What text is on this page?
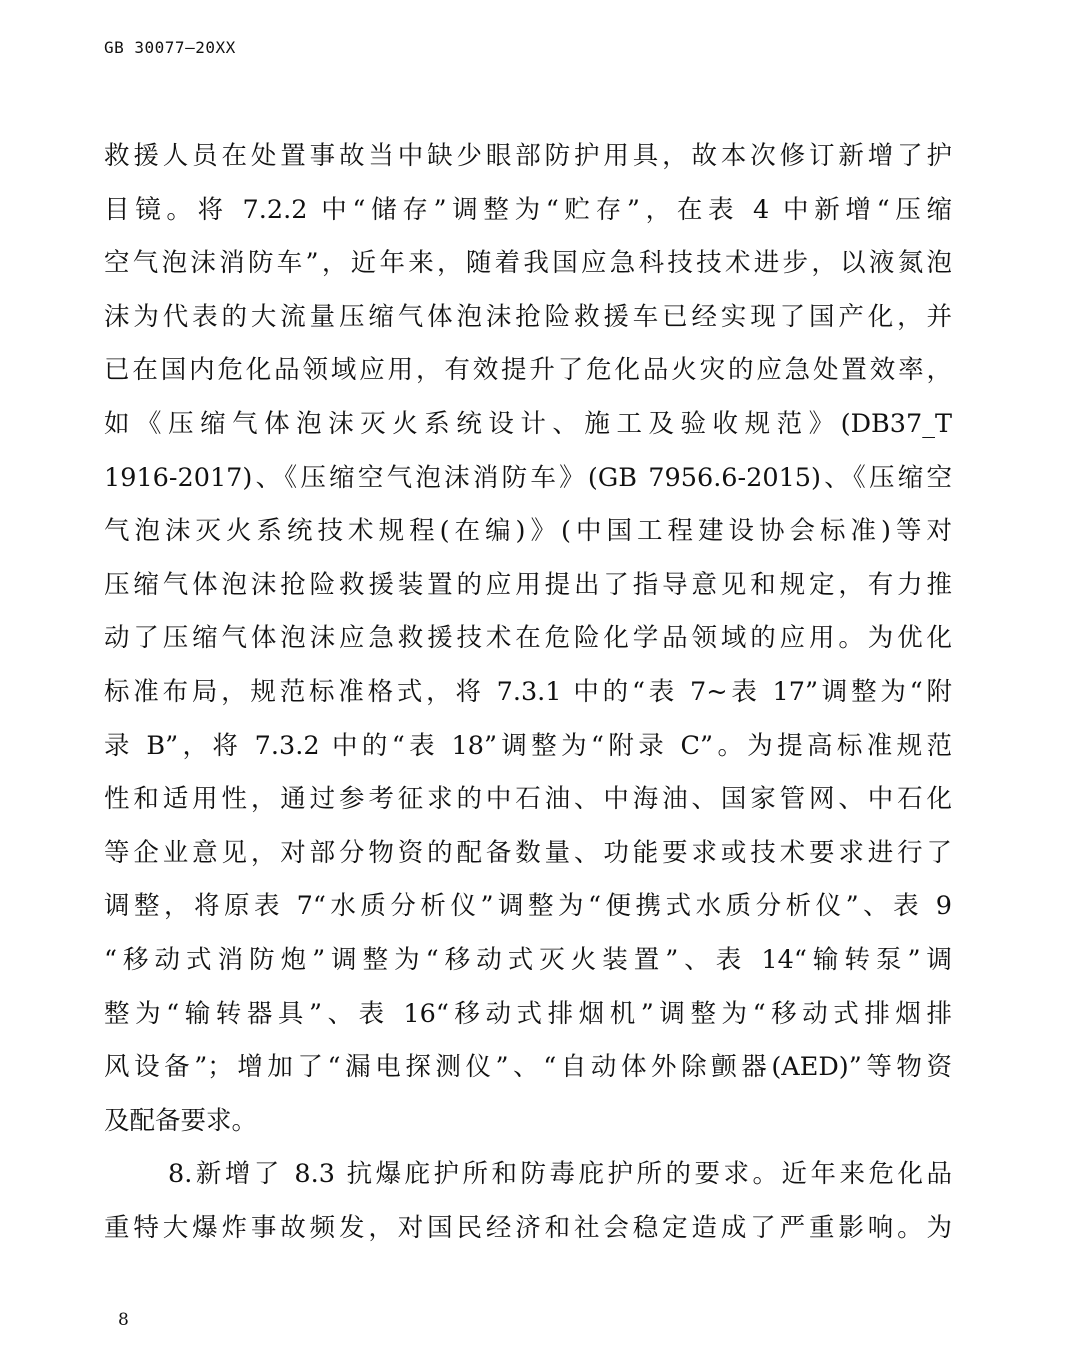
GB 30077—20XX
救援人员在处置事故当中缺少眼部防护用具，故本次修订新增了护
目镜。将 7.2.2 中“储存”调整为“贮存”，在表 4 中新增“压缩
空气泡沫消防车”，近年来，随着我国应急科技技术进步，以液氮泡
沫为代表的大流量压缩气体泡沫抢险救援车已经实现了国产化，并
已在国内危化品领域应用，有效提升了危化品火灾的应急处置效率，
如《压缩气体泡沫灭火系统设计、施工及验收规范》(DB37_T
1916-2017)、《压缩空气泡沫消防车》(GB 7956.6-2015)、《压缩空
气泡沫灭火系统技术规程(在编)》(中国工程建设协会标准)等对
压缩气体泡沫抢险救援装置的应用提出了指导意见和规定，有力推
动了压缩气体泡沫应急救援技术在危险化学品领域的应用。为优化
标准布局，规范标准格式，将 7.3.1 中的“表 7~表 17”调整为“附
录 B”，将 7.3.2 中的“表 18”调整为“附录 C”。为提高标准规范
性和适用性，通过参考征求的中石油、中海油、国家管网、中石化
等企业意见，对部分物资的配备数量、功能要求或技术要求进行了
调整，将原表 7“水质分析仪”调整为“便携式水质分析仪”、表 9
“移动式消防炮”调整为“移动式灭火装置”、表 14“输转泵”调
整为“输转器具”、表 16“移动式排烟机”调整为“移动式排烟排
风设备”；增加了“漏电探测仪”、“自动体外除颤器(AED)”等物资
及配备要求。
8.新增了 8.3 抗爆庇护所和防毒庇护所的要求。近年来危化品
重特大爆炸事故频发，对国民经济和社会稳定造成了严重影响。为
8
